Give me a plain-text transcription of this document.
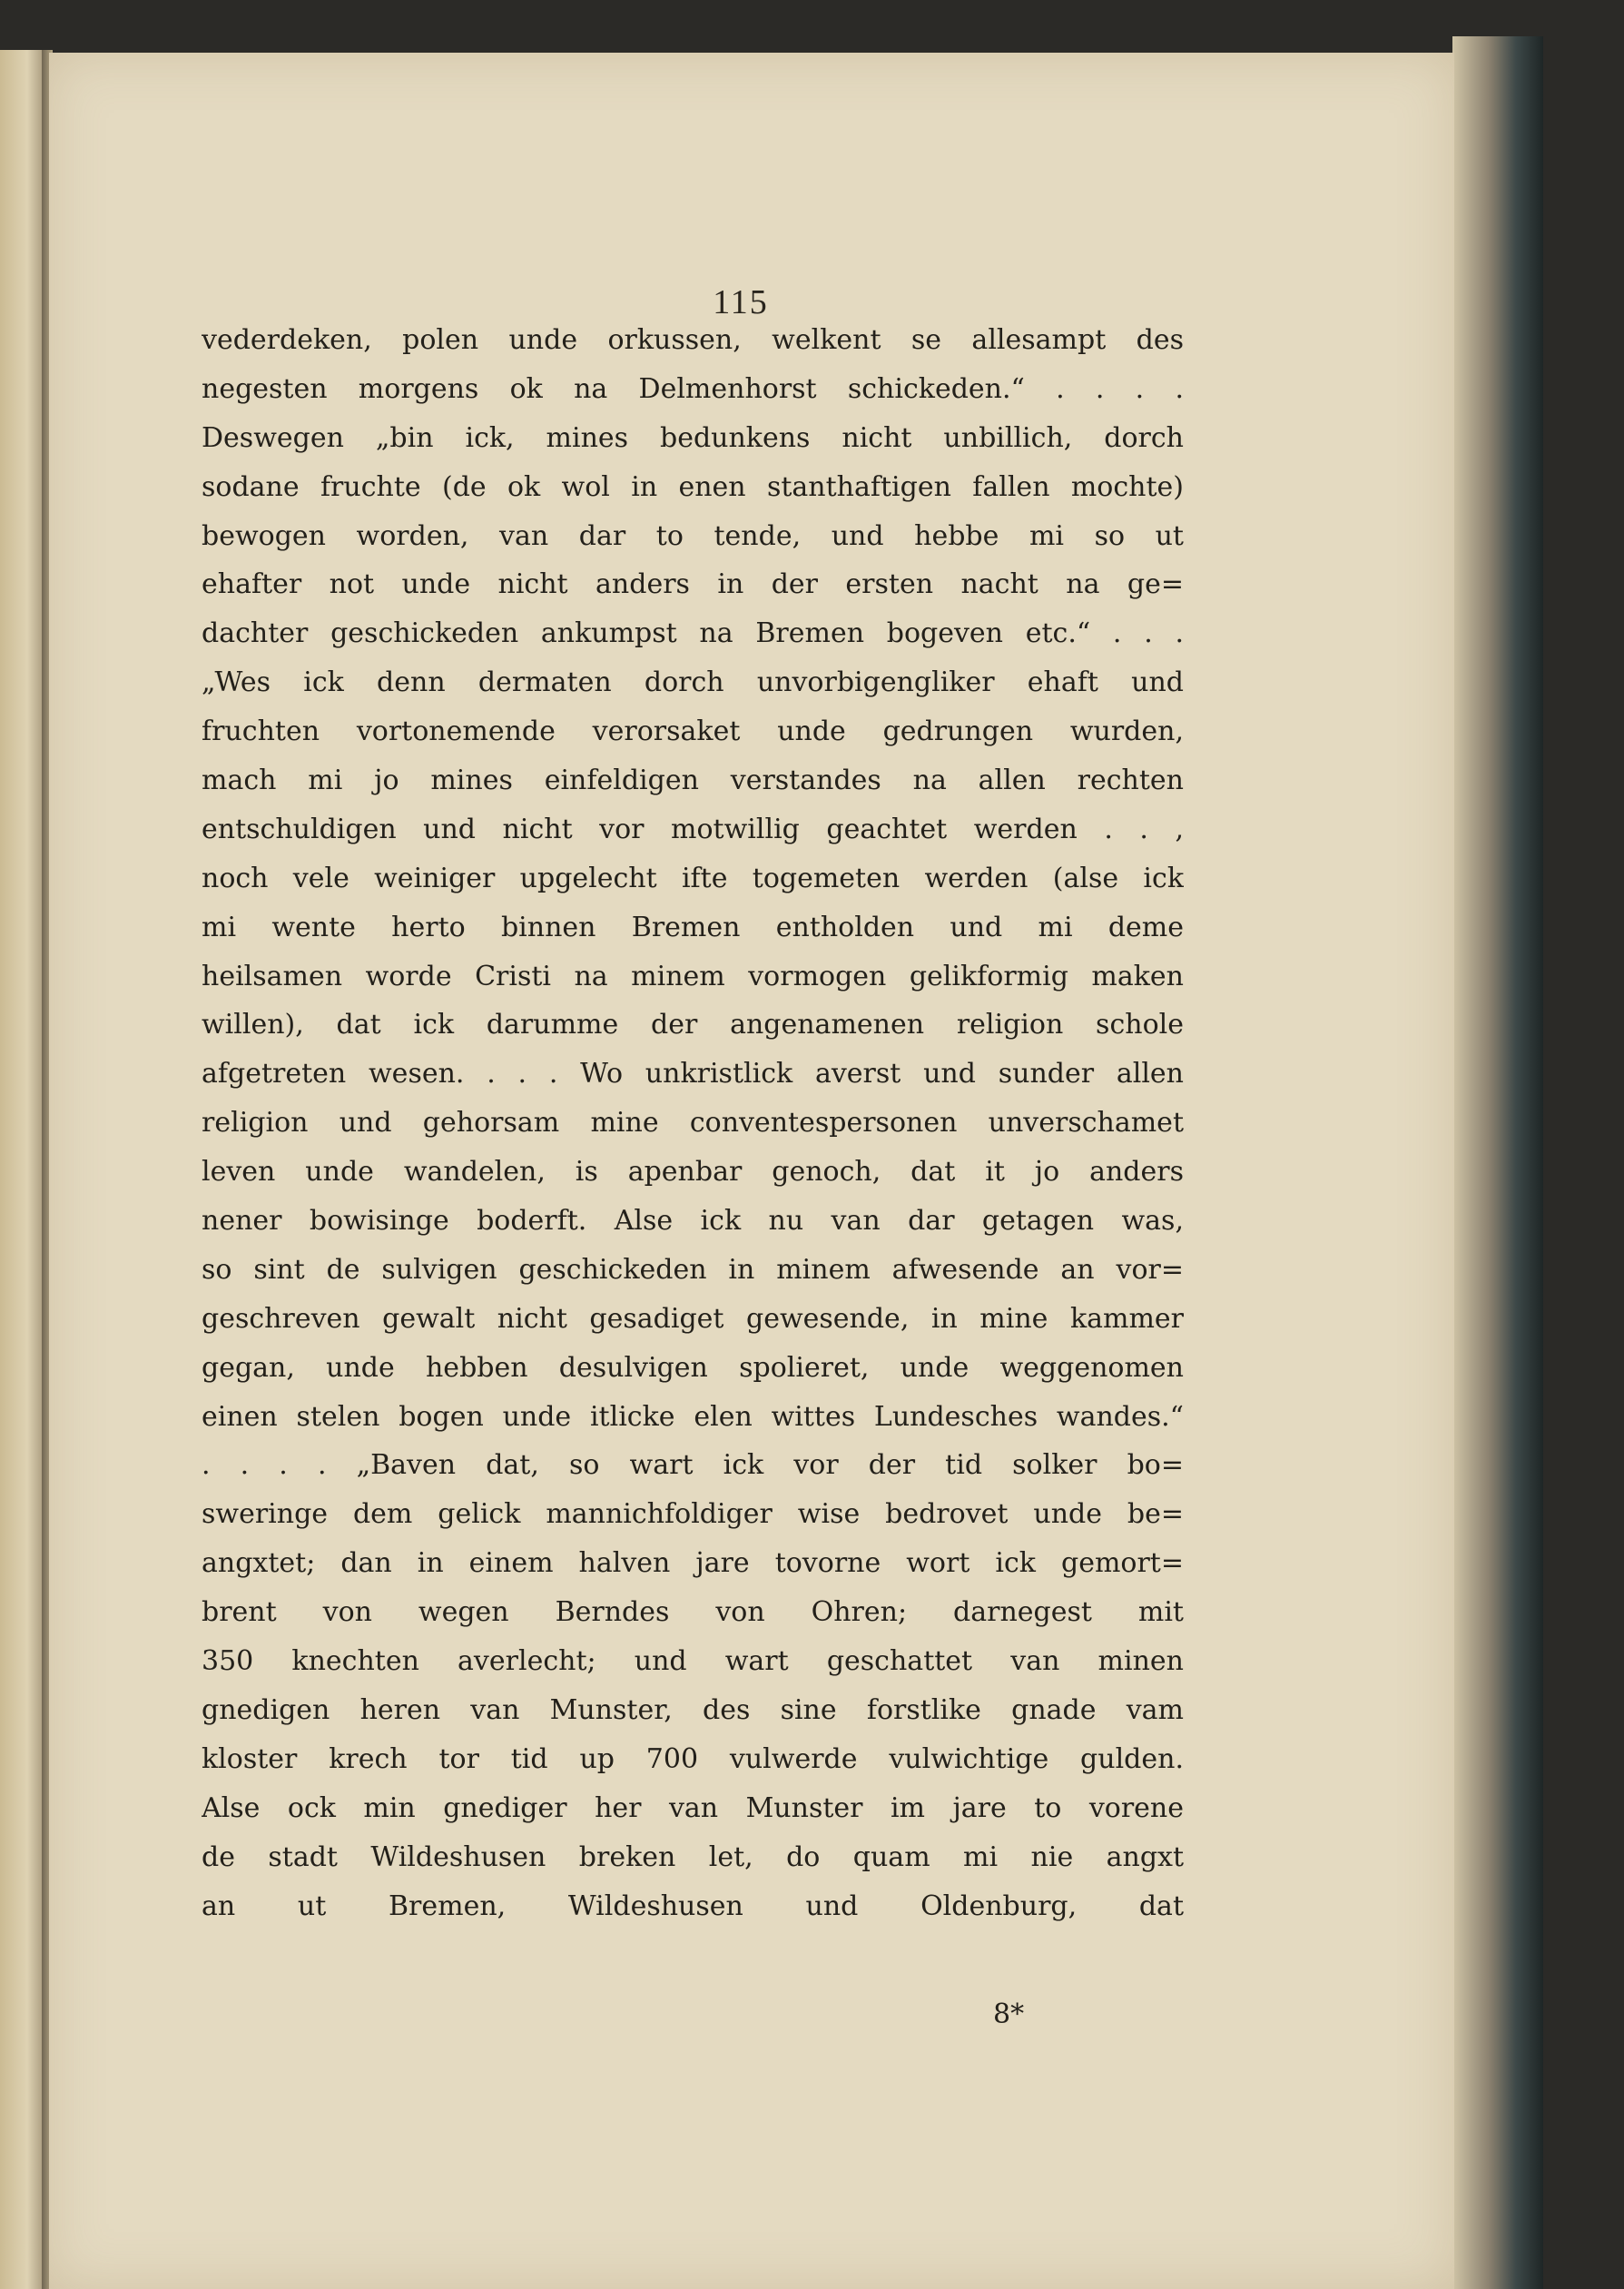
115
8*
vederdeken, polen unde orkussen, welkent se allesampt des
negesten morgens ok na Delmenhorst schickeden.“ . . . .
Deswegen „bin ick, mines bedunkens nicht unbillich, dorch
sodane fruchte (de ok wol in enen stanthaftigen fallen mochte)
bewogen worden, van dar to tende, und hebbe mi so ut
ehafter not unde nicht anders in der ersten nacht na ge=
dachter geschickeden ankumpst na Bremen bogeven etc.“ . . .
„Wes ick denn dermaten dorch unvorbigengliker ehaft und
fruchten vortonemende verorsaket unde gedrungen wurden,
mach mi jo mines einfeldigen verstandes na allen rechten
entschuldigen und nicht vor motwillig geachtet werden . . ,
noch vele weiniger upgelecht ifte togemeten werden (alse ick
mi wente herto binnen Bremen entholden und mi deme
heilsamen worde Cristi na minem vormogen gelikformig maken
willen), dat ick darumme der angenamenen religion schole
afgetreten wesen. . . . Wo unkristlick averst und sunder allen
religion und gehorsam mine conventespersonen unverschamet
leven unde wandelen, is apenbar genoch, dat it jo anders
nener bowisinge boderft. Alse ick nu van dar getagen was,
so sint de sulvigen geschickeden in minem afwesende an vor=
geschreven gewalt nicht gesadiget gewesende, in mine kammer
gegan, unde hebben desulvigen spolieret, unde weggenomen
einen stelen bogen unde itlicke elen wittes Lundesches wandes.“
. . . . „Baven dat, so wart ick vor der tid solker bo=
sweringe dem gelick mannichfoldiger wise bedrovet unde be=
angxtet; dan in einem halven jare tovorne wort ick gemort=
brent von wegen Berndes von Ohren; darnegest mit
350 knechten averlecht; und wart geschattet van minen
gnedigen heren van Munster, des sine forstlike gnade vam
kloster krech tor tid up 700 vulwerde vulwichtige gulden.
Alse ock min gnediger her van Munster im jare to vorene
de stadt Wildeshusen breken let, do quam mi nie angxt
an ut Bremen, Wildeshusen und Oldenburg, dat
